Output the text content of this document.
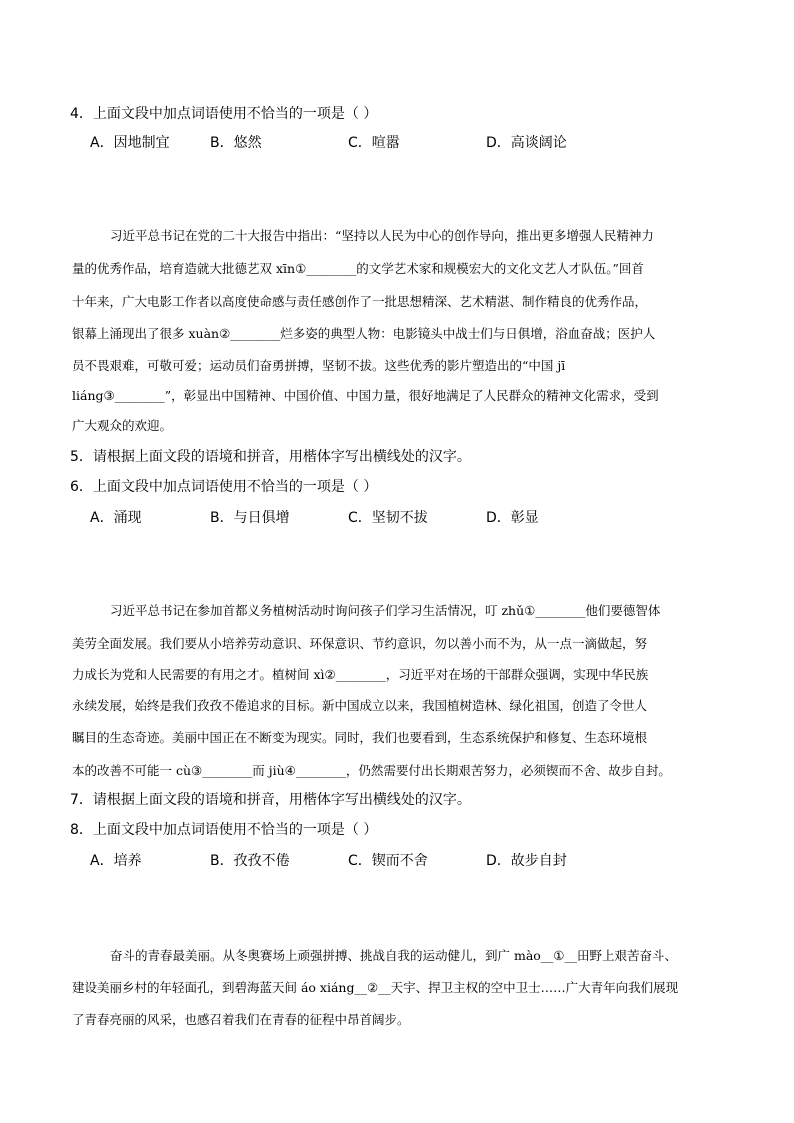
4．上面文段中加点词语使用不恰当的一项是（ ）
A．因地制宜	B．悠然	C．喧嚣	D．高谈阔论
习近平总书记在党的二十大报告中指出：“坚持以人民为中心的创作导向，推出更多增强人民精神力
量的优秀作品，培育造就大批德艺双 xīn①________的文学艺术家和规模宏大的文化文艺人才队伍。”回首
十年来，广大电影工作者以高度使命感与责任感创作了一批思想精深、艺术精湛、制作精良的优秀作品，
银幕上涌现出了很多 xuàn②________烂多姿的典型人物：电影镜头中战士们与日俱增，浴血奋战；医护人
员不畏艰难，可敬可爱；运动员们奋勇拼搏，坚韧不拔。这些优秀的影片塑造出的“中国 jī
liáng③________”，彰显出中国精神、中国价值、中国力量，很好地满足了人民群众的精神文化需求，受到
广大观众的欢迎。
5．请根据上面文段的语境和拼音，用楷体字写出横线处的汉字。
6．上面文段中加点词语使用不恰当的一项是（ ）
A．涌现	B．与日俱增	C．坚韧不拔	D．彰显
习近平总书记在参加首都义务植树活动时询问孩子们学习生活情况，叮 zhǔ①________他们要德智体
美劳全面发展。我们要从小培养劳动意识、环保意识、节约意识，勿以善小而不为，从一点一滴做起，努
力成长为党和人民需要的有用之才。植树间 xì②________，习近平对在场的干部群众强调，实现中华民族
永续发展，始终是我们孜孜不倦追求的目标。新中国成立以来，我国植树造林、绿化祖国，创造了令世人
瞩目的生态奇迹。美丽中国正在不断变为现实。同时，我们也要看到，生态系统保护和修复、生态环境根
本的改善不可能一 cù③________而 jiù④________，仍然需要付出长期艰苦努力，必须锲而不舍、故步自封。
7．请根据上面文段的语境和拼音，用楷体字写出横线处的汉字。
8．上面文段中加点词语使用不恰当的一项是（ ）
A．培养	B．孜孜不倦	C．锲而不舍	D．故步自封
奋斗的青春最美丽。从冬奥赛场上顽强拼搏、挑战自我的运动健儿，到广 mào__①__田野上艰苦奋斗、
建设美丽乡村的年轻面孔，到碧海蓝天间 áo xiáng__②__天宇、捍卫主权的空中卫士……广大青年向我们展现
了青春亮丽的风采，也感召着我们在青春的征程中昂首阔步。
